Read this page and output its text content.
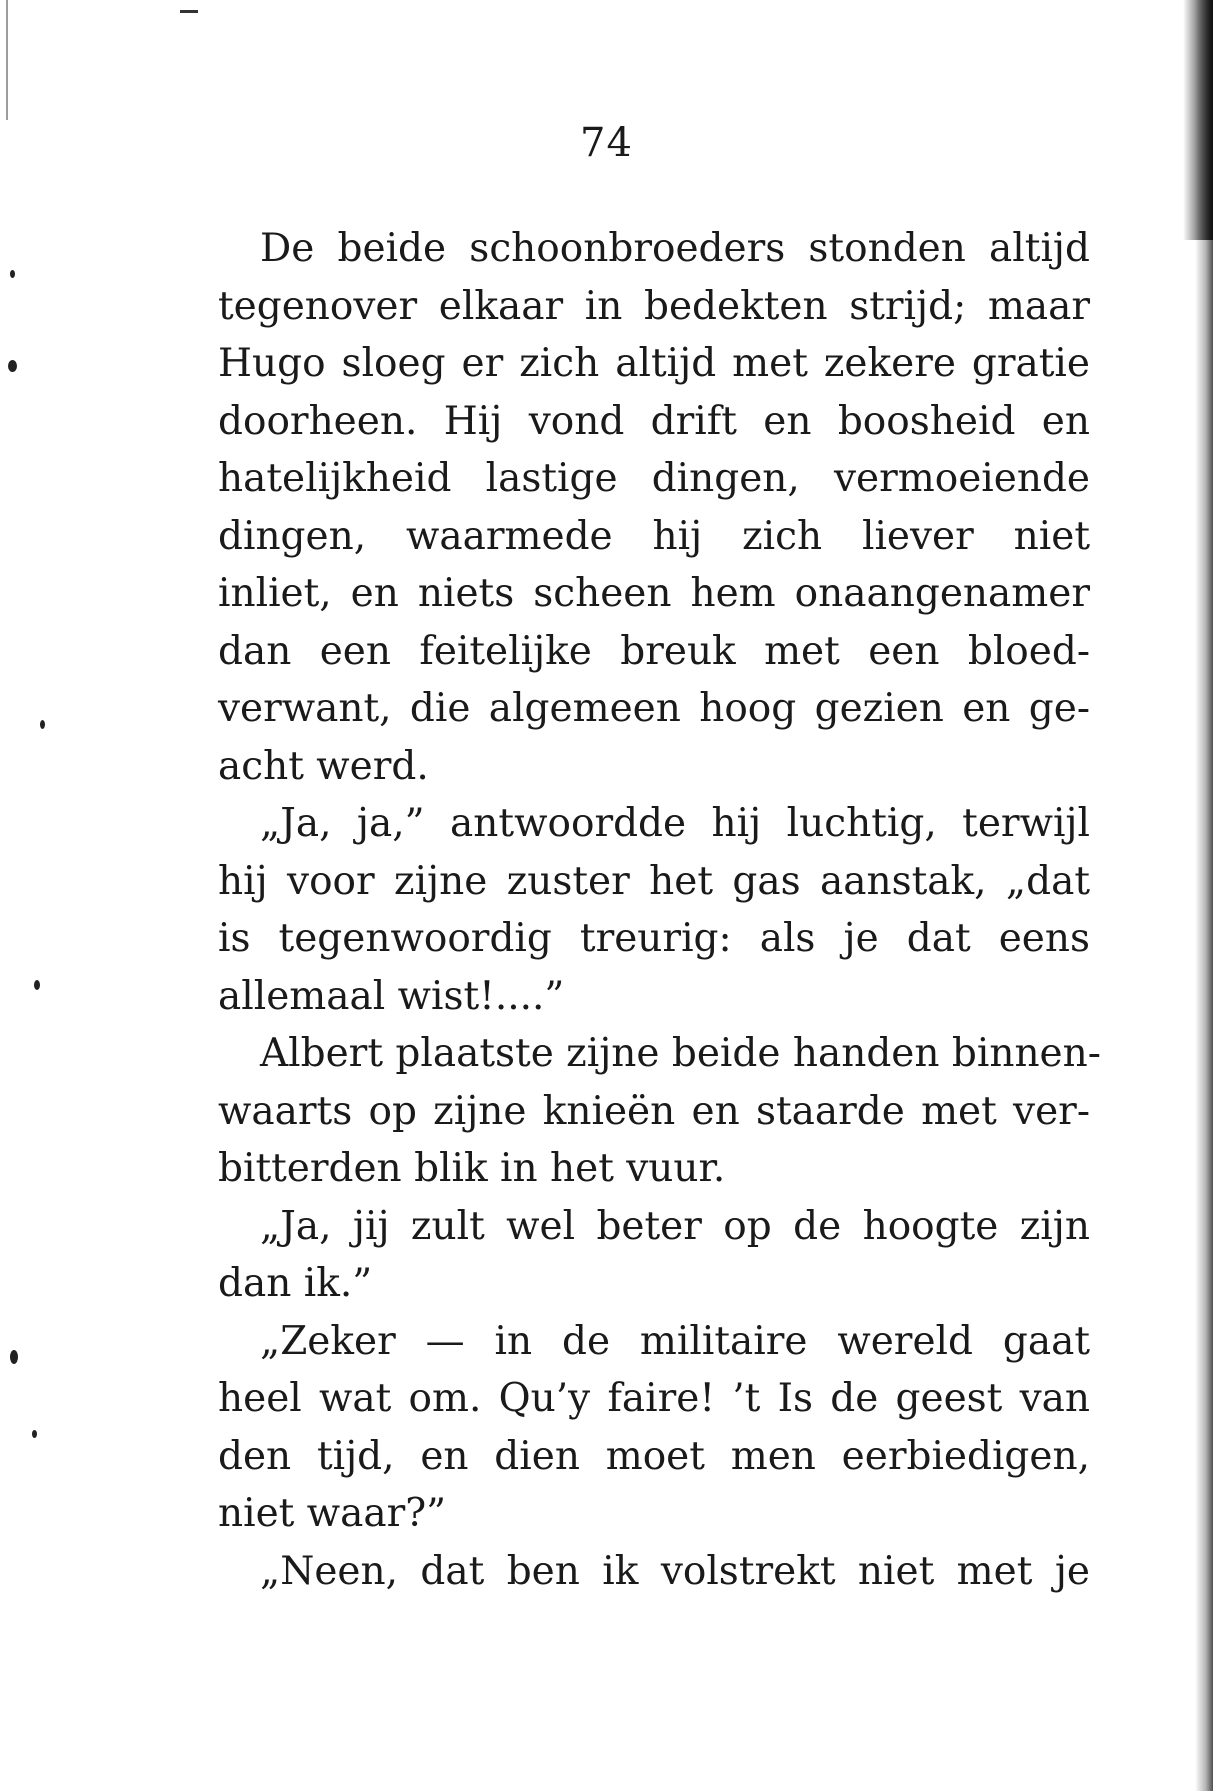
74
De beide schoonbroeders stonden altijd
tegenover elkaar in bedekten strijd; maar
Hugo sloeg er zich altijd met zekere gratie
doorheen. Hij vond drift en boosheid en
hatelijkheid lastige dingen, vermoeiende
dingen, waarmede hij zich liever niet
inliet, en niets scheen hem onaangenamer
dan een feitelijke breuk met een bloed-
verwant, die algemeen hoog gezien en ge-
acht werd.
„Ja, ja,” antwoordde hij luchtig, terwijl
hij voor zijne zuster het gas aanstak, „dat
is tegenwoordig treurig: als je dat eens
allemaal wist!....”
Albert plaatste zijne beide handen binnen-
waarts op zijne knieën en staarde met ver-
bitterden blik in het vuur.
„Ja, jij zult wel beter op de hoogte zijn
dan ik.”
„Zeker — in de militaire wereld gaat
heel wat om. Qu’y faire! ’t Is de geest van
den tijd, en dien moet men eerbiedigen,
niet waar?”
„Neen, dat ben ik volstrekt niet met je
